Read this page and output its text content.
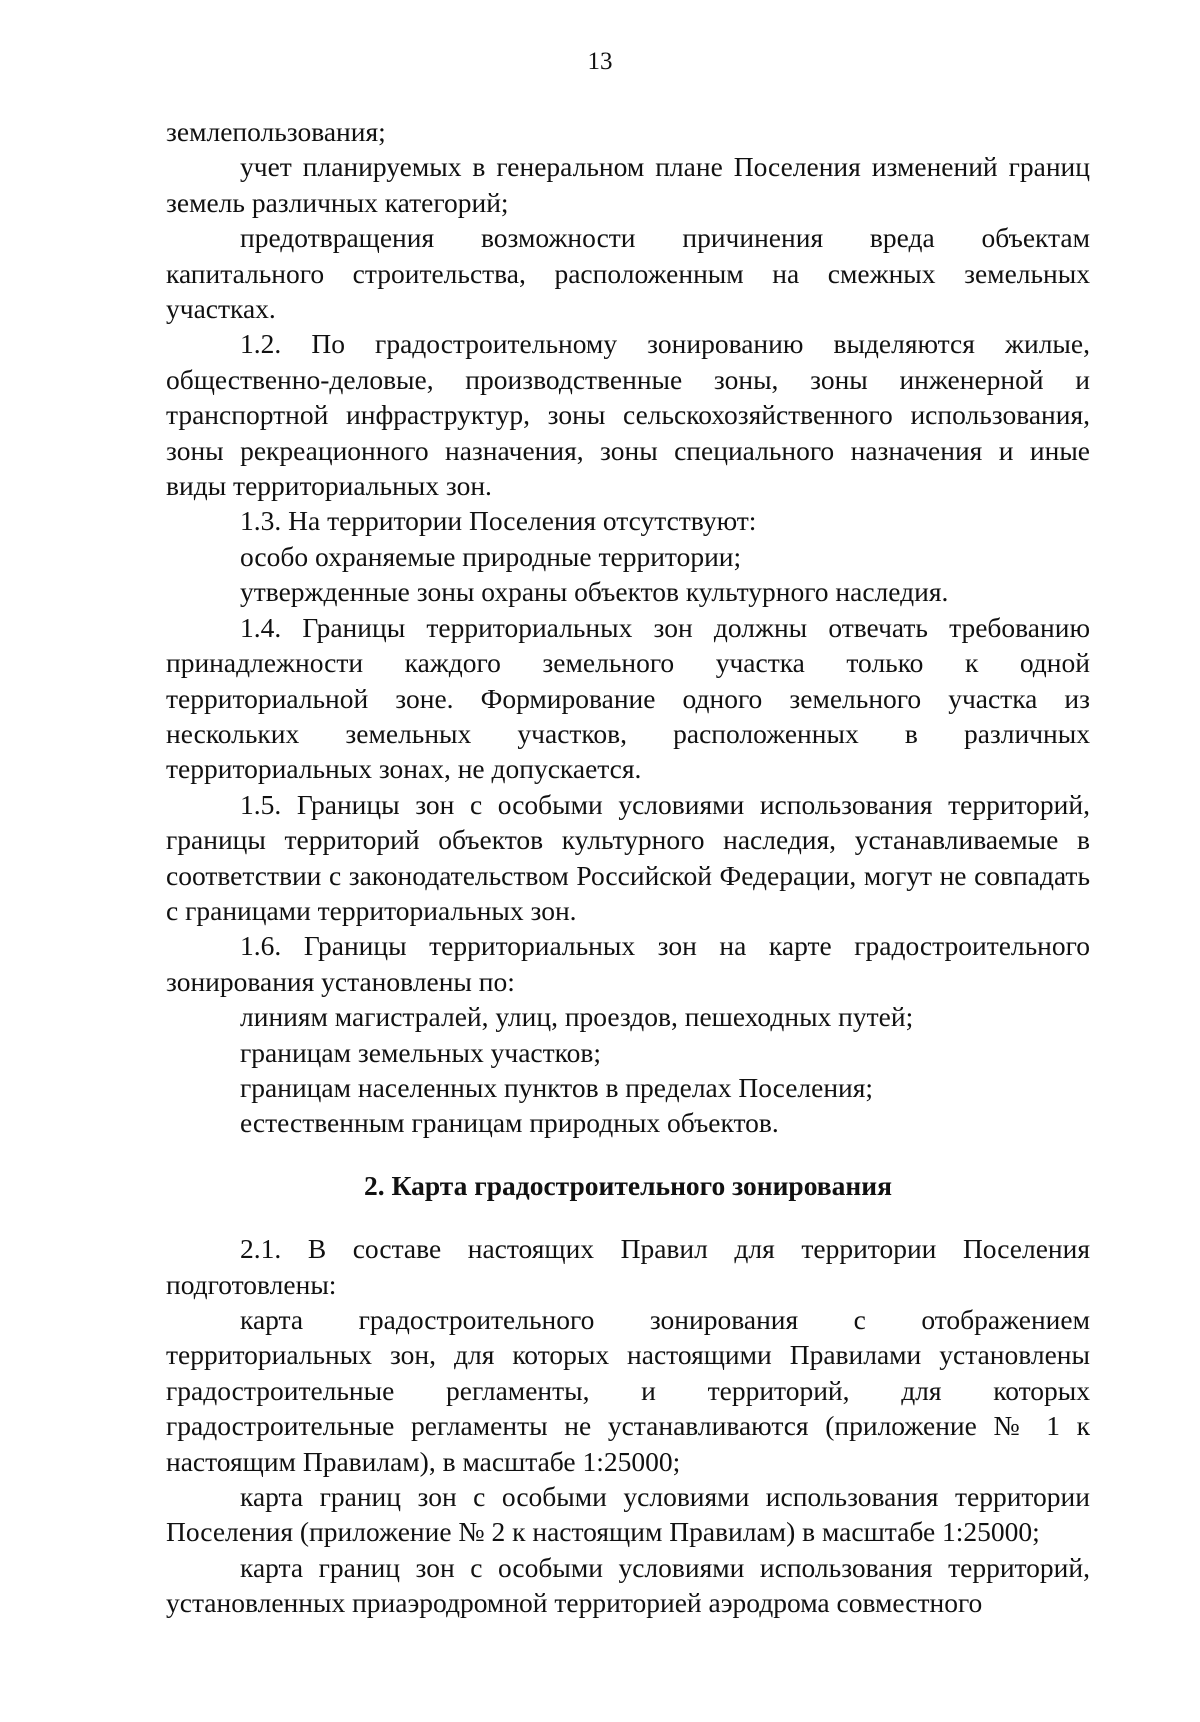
13

землепользования;

учет планируемых в генеральном плане Поселения изменений границ земель различных категорий;

предотвращения возможности причинения вреда объектам капитального строительства, расположенным на смежных земельных участках.

1.2. По градостроительному зонированию выделяются жилые, общественно-деловые, производственные зоны, зоны инженерной и транспортной инфраструктур, зоны сельскохозяйственного использования, зоны рекреационного назначения, зоны специального назначения и иные виды территориальных зон.

1.3. На территории Поселения отсутствуют:

особо охраняемые природные территории;

утвержденные зоны охраны объектов культурного наследия.

1.4. Границы территориальных зон должны отвечать требованию принадлежности каждого земельного участка только к одной территориальной зоне. Формирование одного земельного участка из нескольких земельных участков, расположенных в различных территориальных зонах, не допускается.

1.5. Границы зон с особыми условиями использования территорий, границы территорий объектов культурного наследия, устанавливаемые в соответствии с законодательством Российской Федерации, могут не совпадать с границами территориальных зон.

1.6. Границы территориальных зон на карте градостроительного зонирования установлены по:

линиям магистралей, улиц, проездов, пешеходных путей;

границам земельных участков;

границам населенных пунктов в пределах Поселения;

естественным границам природных объектов.

2. Карта градостроительного зонирования

2.1. В составе настоящих Правил для территории Поселения подготовлены:

карта градостроительного зонирования с отображением территориальных зон, для которых настоящими Правилами установлены градостроительные регламенты, и территорий, для которых градостроительные регламенты не устанавливаются (приложение № 1 к настоящим Правилам), в масштабе 1:25000;

карта границ зон с особыми условиями использования территории Поселения (приложение № 2 к настоящим Правилам) в масштабе 1:25000;

карта границ зон с особыми условиями использования территорий, установленных приаэродромной территорией аэродрома совместного
